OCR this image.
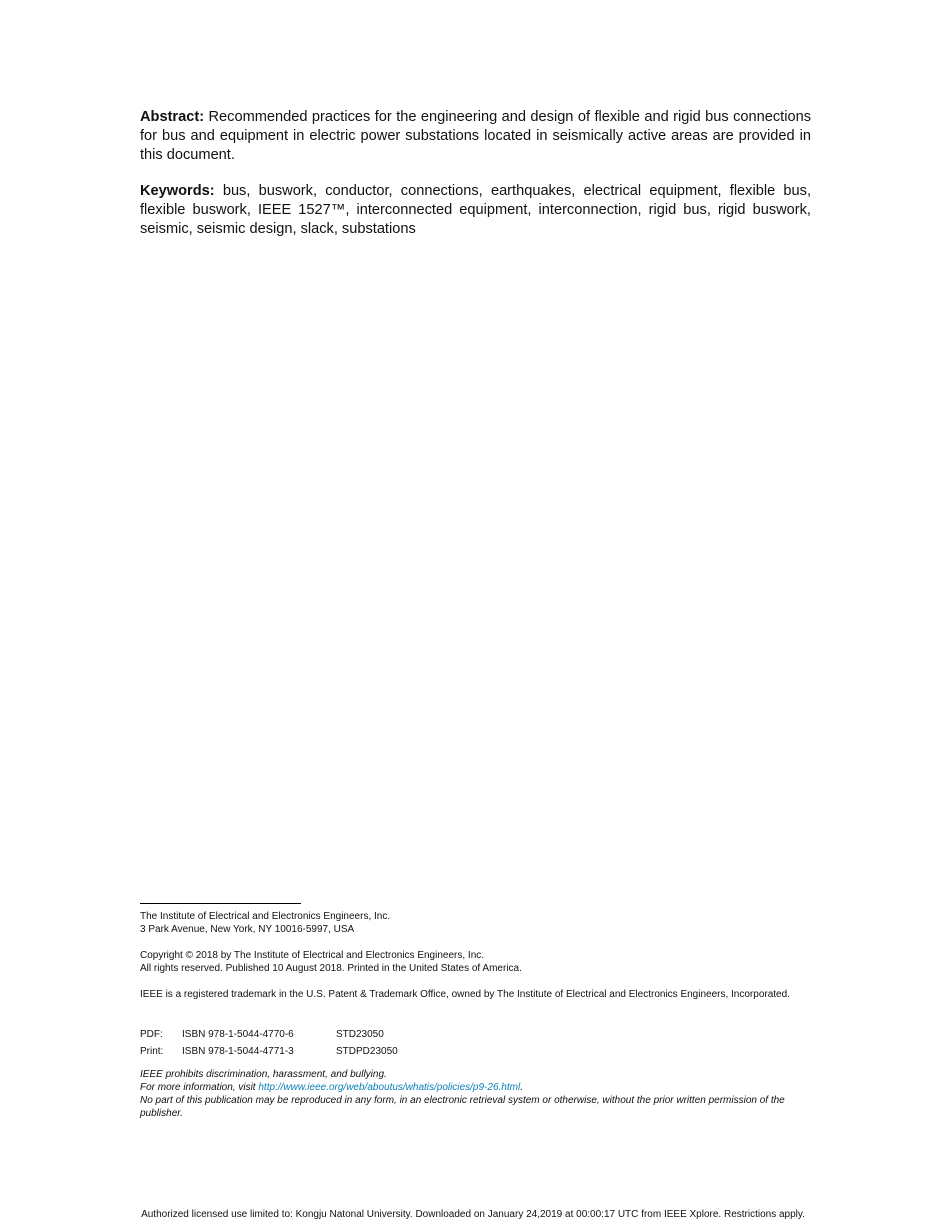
Abstract: Recommended practices for the engineering and design of flexible and rigid bus connections for bus and equipment in electric power substations located in seismically active areas are provided in this document.
Keywords: bus, buswork, conductor, connections, earthquakes, electrical equipment, flexible bus, flexible buswork, IEEE 1527™, interconnected equipment, interconnection, rigid bus, rigid buswork, seismic, seismic design, slack, substations
The Institute of Electrical and Electronics Engineers, Inc.
3 Park Avenue, New York, NY 10016-5997, USA
Copyright © 2018 by The Institute of Electrical and Electronics Engineers, Inc.
All rights reserved. Published 10 August 2018. Printed in the United States of America.
IEEE is a registered trademark in the U.S. Patent & Trademark Office, owned by The Institute of Electrical and Electronics Engineers, Incorporated.
PDF: ISBN 978-1-5044-4770-6	STD23050
Print: ISBN 978-1-5044-4771-3	STDPD23050
IEEE prohibits discrimination, harassment, and bullying.
For more information, visit http://www.ieee.org/web/aboutus/whatis/policies/p9-26.html.
No part of this publication may be reproduced in any form, in an electronic retrieval system or otherwise, without the prior written permission of the publisher.
Authorized licensed use limited to: Kongju Natonal University. Downloaded on January 24,2019 at 00:00:17 UTC from IEEE Xplore. Restrictions apply.
